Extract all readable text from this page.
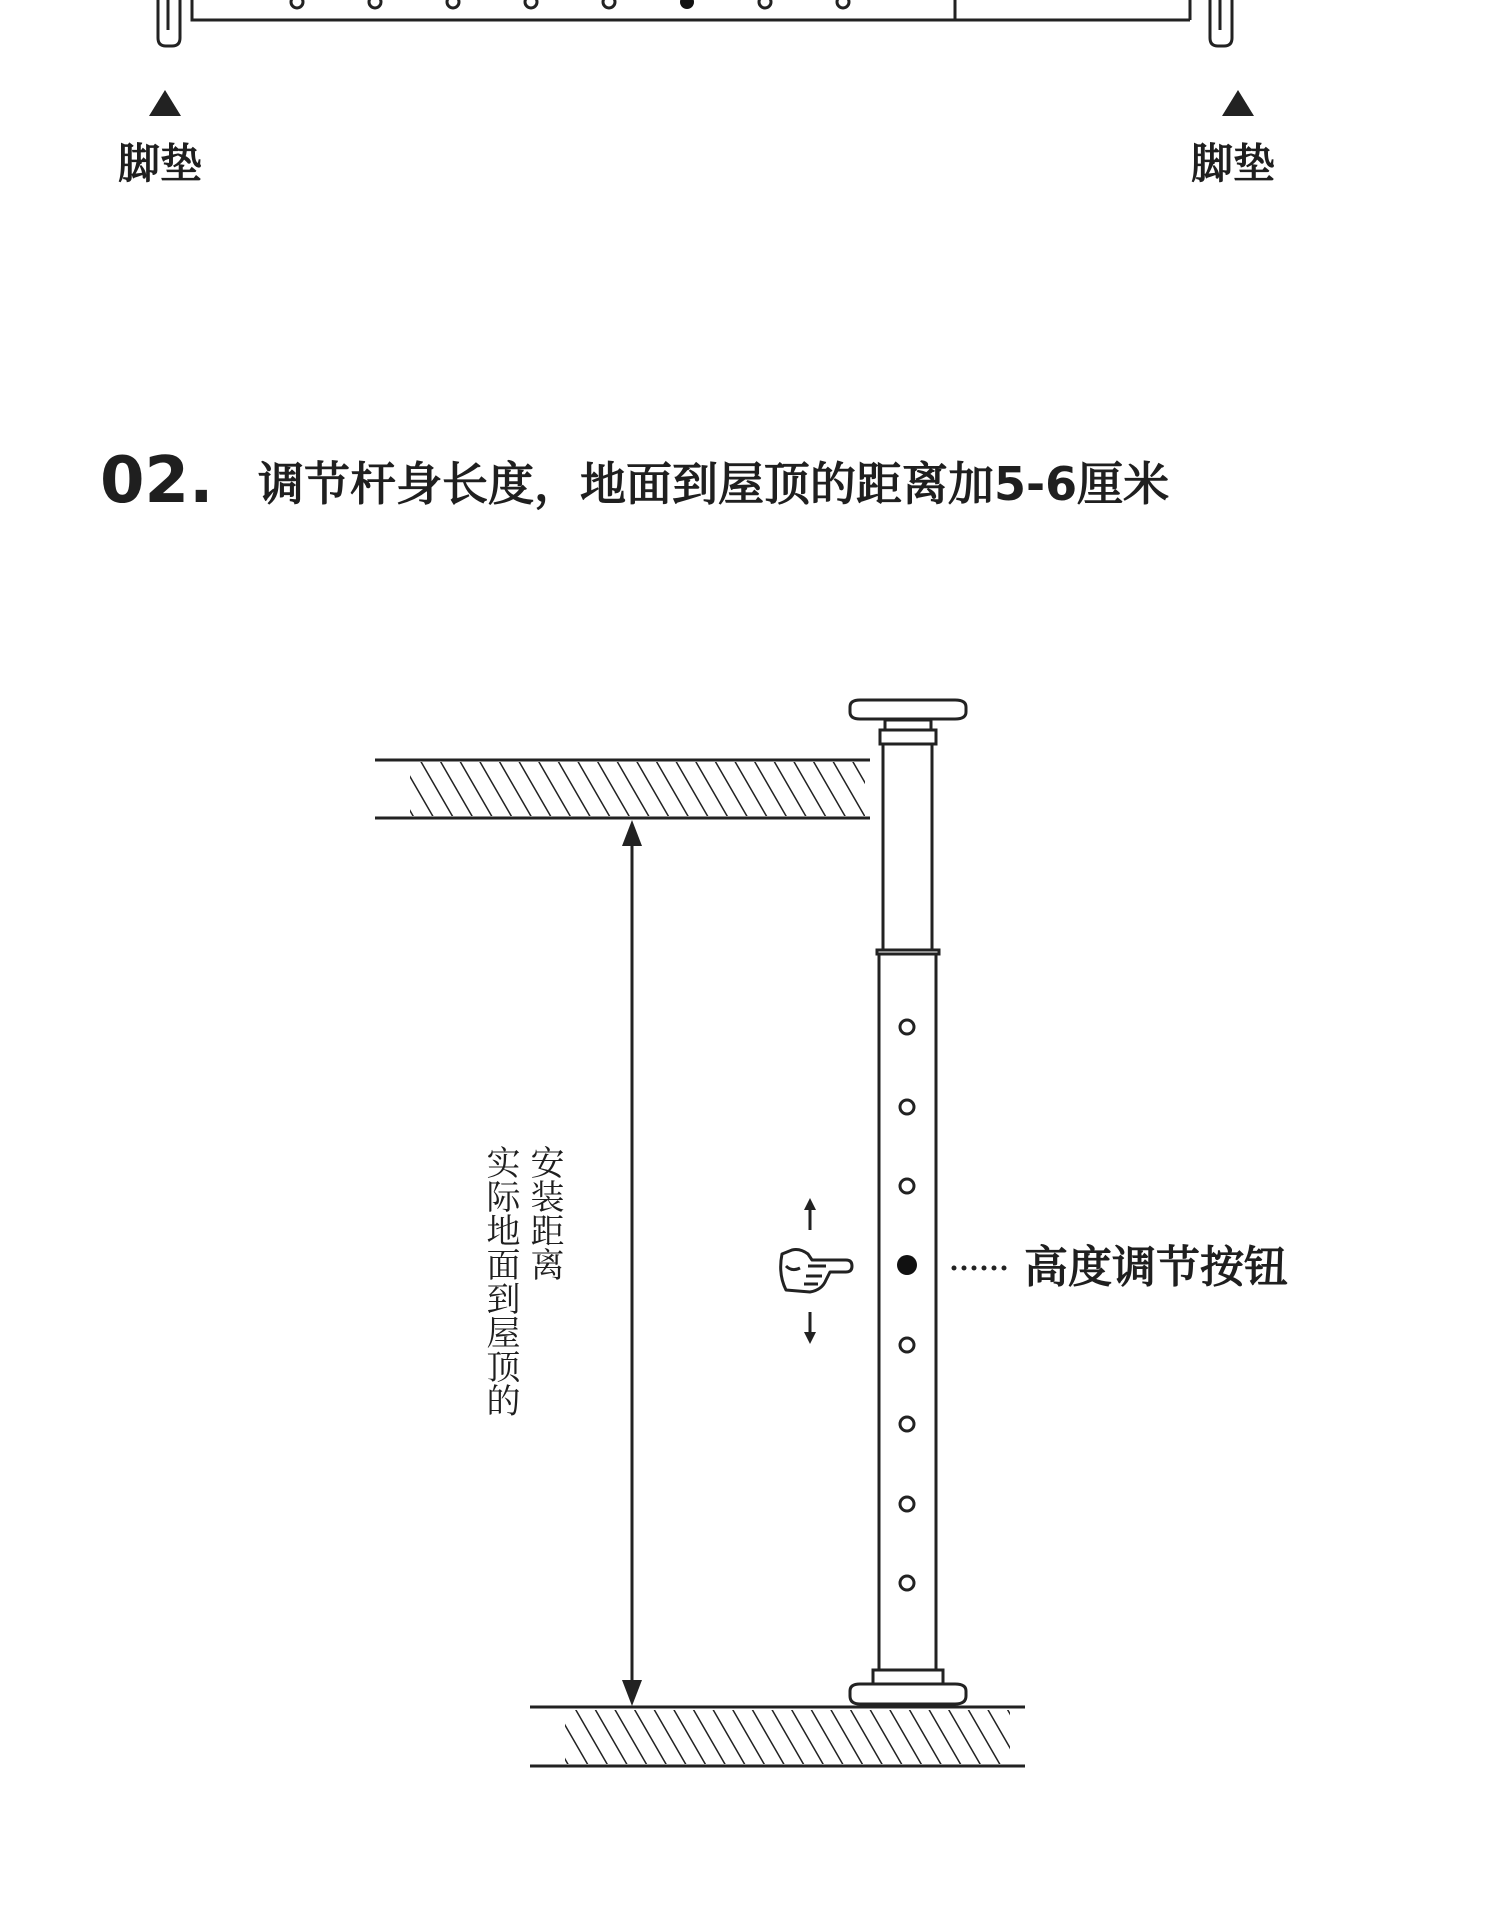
脚垫	脚垫
02. 调节杆身长度，地面到屋顶的距离加5-6厘米
安装距离
实际地面到屋顶的	高度调节按钮
